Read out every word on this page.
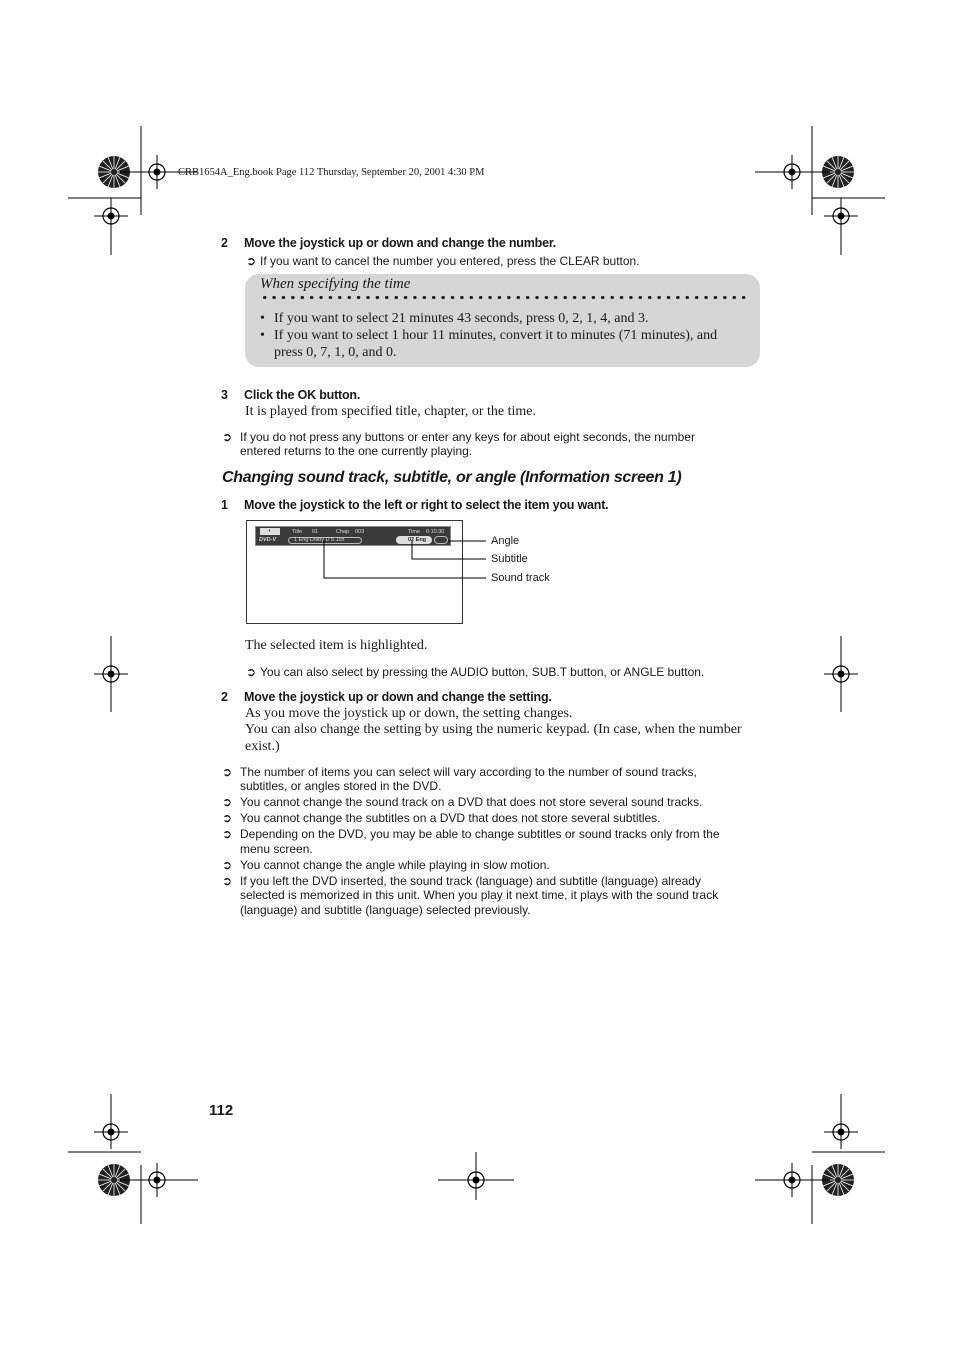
CRB1654A_Eng.book Page 112 Thursday, September 20, 2001 4:30 PM
2 Move the joystick up or down and change the number.
➲ If you want to cancel the number you entered, press the CLEAR button.
When specifying the time
• If you want to select 21 minutes 43 seconds, press 0, 2, 1, 4, and 3.
• If you want to select 1 hour 11 minutes, convert it to minutes (71 minutes), and
press 0, 7, 1, 0, and 0.
3 Click the OK button.
It is played from specified title, chapter, or the time.
➲ If you do not press any buttons or enter any keys for about eight seconds, the number
entered returns to the one currently playing.
Changing sound track, subtitle, or angle (Information screen 1)
1 Move the joystick to the left or right to select the item you want.
◐
DVD-V
Title 01	Chap 003	Time 0:10:30
1 Eng Dolby D 5.1ch	02 Eng	Angle
Subtitle
Sound track
The selected item is highlighted.
➲ You can also select by pressing the AUDIO button, SUB.T button, or ANGLE button.
2 Move the joystick up or down and change the setting.
As you move the joystick up or down, the setting changes.
You can also change the setting by using the numeric keypad. (In case, when the number
exist.)
➲ The number of items you can select will vary according to the number of sound tracks,
subtitles, or angles stored in the DVD.
➲ You cannot change the sound track on a DVD that does not store several sound tracks.
➲ You cannot change the subtitles on a DVD that does not store several subtitles.
➲ Depending on the DVD, you may be able to change subtitles or sound tracks only from the
menu screen.
➲ You cannot change the angle while playing in slow motion.
➲ If you left the DVD inserted, the sound track (language) and subtitle (language) already
selected is memorized in this unit. When you play it next time, it plays with the sound track
(language) and subtitle (language) selected previously.
112
